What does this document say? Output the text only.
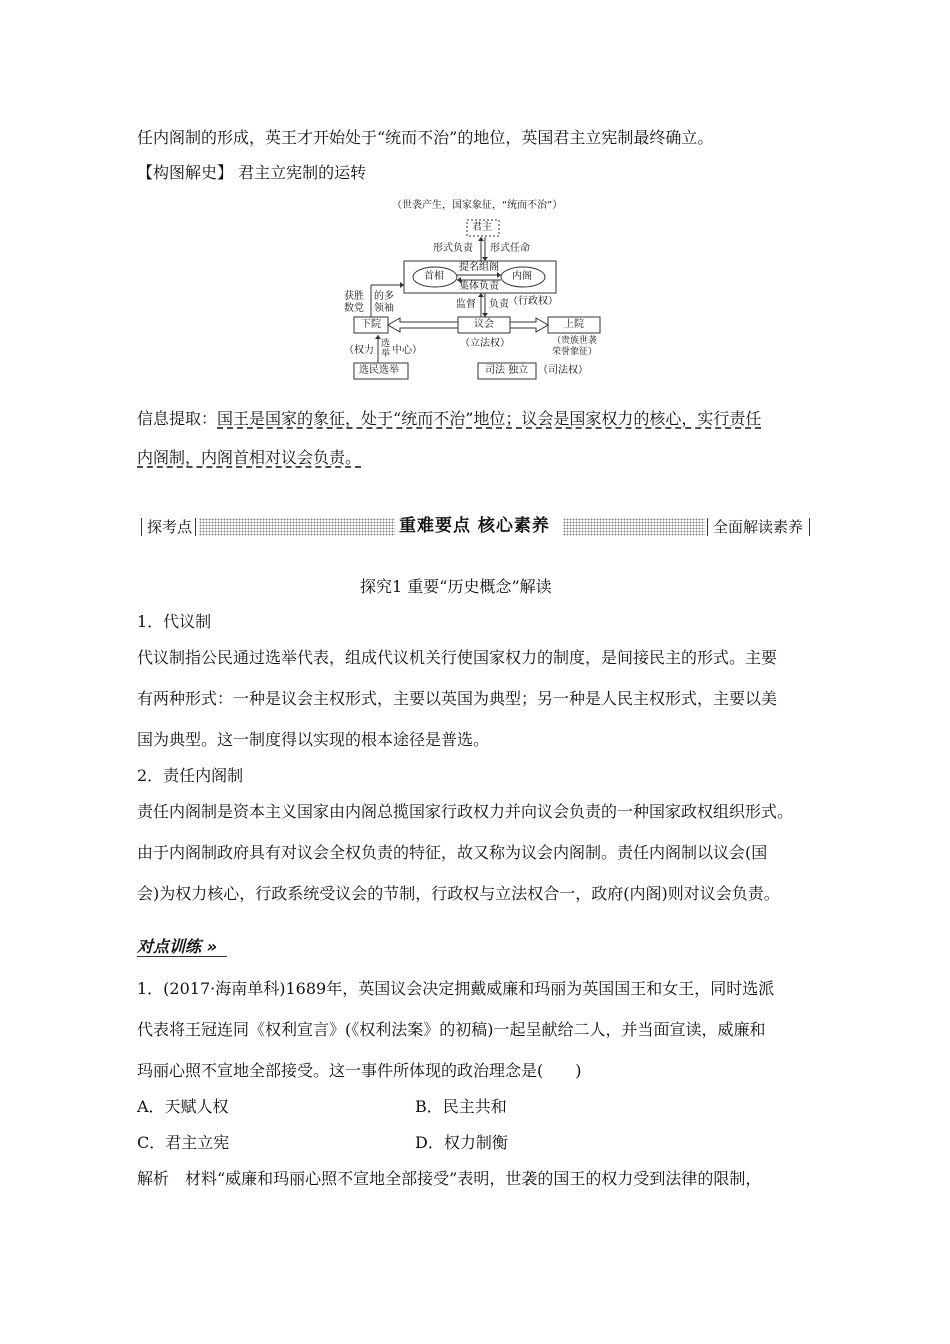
任内阁制的形成，英王才开始处于“统而不治”的地位，英国君主立宪制最终确立。
【构图解史】 君主立宪制的运转
（世袭产生，国家象征，“统而不治”）
君主
形式负责 形式任命
首相
提名组阁
集体负责
内阁
获胜
数党
的多
领袖	监督 负责 （行政权）
下院	议会	上院
（权力
选
举 中心）
（立法权）	（贵族世袭
荣誉象征）
选民选举	司法 独立 （司法权）
信息提取：国王是国家的象征，处于“统而不治”地位；议会是国家权力的核心，实行责任
内阁制，内阁首相对议会负责。
探考点	重难要点 核心素养	全面解读素养
探究1 重要“历史概念”解读
1．代议制
代议制指公民通过选举代表，组成代议机关行使国家权力的制度，是间接民主的形式。主要
有两种形式：一种是议会主权形式，主要以英国为典型；另一种是人民主权形式，主要以美
国为典型。这一制度得以实现的根本途径是普选。
2．责任内阁制
责任内阁制是资本主义国家由内阁总揽国家行政权力并向议会负责的一种国家政权组织形式。
由于内阁制政府具有对议会全权负责的特征，故又称为议会内阁制。责任内阁制以议会(国
会)为权力核心，行政系统受议会的节制，行政权与立法权合一，政府(内阁)则对议会负责。
对点训练 »
1．(2017·海南单科)1689年，英国议会决定拥戴威廉和玛丽为英国国王和女王，同时选派
代表将王冠连同《权利宣言》(《权利法案》的初稿)一起呈献给二人，并当面宣读，威廉和
玛丽心照不宣地全部接受。这一事件所体现的政治理念是(　　)
A．天赋人权	B．民主共和
C．君主立宪	D．权力制衡
解析　材料“威廉和玛丽心照不宣地全部接受”表明，世袭的国王的权力受到法律的限制，
